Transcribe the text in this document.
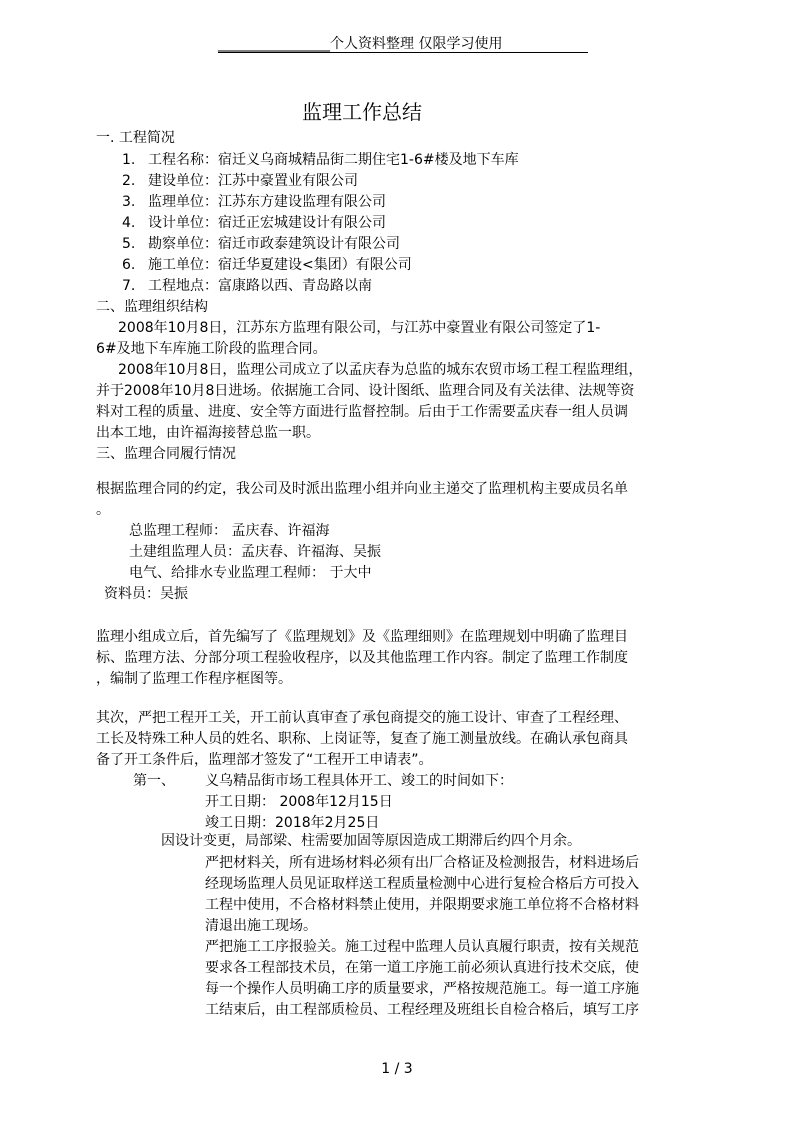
________________个人资料整理 仅限学习使用
监理工作总结
一. 工程简况
1. 工程名称：宿迁义乌商城精品街二期住宅1-6#楼及地下车库
2. 建设单位：江苏中豪置业有限公司
3. 监理单位：江苏东方建设监理有限公司
4. 设计单位：宿迁正宏城建设计有限公司
5. 勘察单位：宿迁市政泰建筑设计有限公司
6. 施工单位：宿迁华夏建设<集团）有限公司
7. 工程地点：富康路以西、青岛路以南
二、监理组织结构
2008年10月8日，江苏东方监理有限公司，与江苏中豪置业有限公司签定了1-
6#及地下车库施工阶段的监理合同。
2008年10月8日，监理公司成立了以孟庆春为总监的城东农贸市场工程工程监理组，
并于2008年10月8日进场。依据施工合同、设计图纸、监理合同及有关法律、法规等资
料对工程的质量、进度、安全等方面进行监督控制。后由于工作需要孟庆春一组人员调
出本工地，由许福海接替总监一职。
三、监理合同履行情况
根据监理合同的约定，我公司及时派出监理小组并向业主递交了监理机构主要成员名单
。
总监理工程师： 孟庆春、许福海
土建组监理人员：孟庆春、许福海、吴振
电气、给排水专业监理工程师： 于大中
资料员：吴振
监理小组成立后，首先编写了《监理规划》及《监理细则》在监理规划中明确了监理目
标、监理方法、分部分项工程验收程序，以及其他监理工作内容。制定了监理工作制度
，编制了监理工作程序框图等。
其次，严把工程开工关，开工前认真审查了承包商提交的施工设计、审查了工程经理、
工长及特殊工种人员的姓名、职称、上岗证等，复查了施工测量放线。在确认承包商具
备了开工条件后，监理部才签发了“工程开工申请表”。
第一、 义乌精品街市场工程具体开工、竣工的时间如下：
开工日期： 2008年12月15日
竣工日期：2018年2月25日
因设计变更，局部梁、柱需要加固等原因造成工期滞后约四个月余。
严把材料关，所有进场材料必须有出厂合格证及检测报告，材料进场后
经现场监理人员见证取样送工程质量检测中心进行复检合格后方可投入
工程中使用，不合格材料禁止使用，并限期要求施工单位将不合格材料
清退出施工现场。
严把施工工序报验关。施工过程中监理人员认真履行职责，按有关规范
要求各工程部技术员，在第一道工序施工前必须认真进行技术交底，使
每一个操作人员明确工序的质量要求，严格按规范施工。每一道工序施
工结束后，由工程部质检员、工程经理及班组长自检合格后，填写工序
1 / 3
